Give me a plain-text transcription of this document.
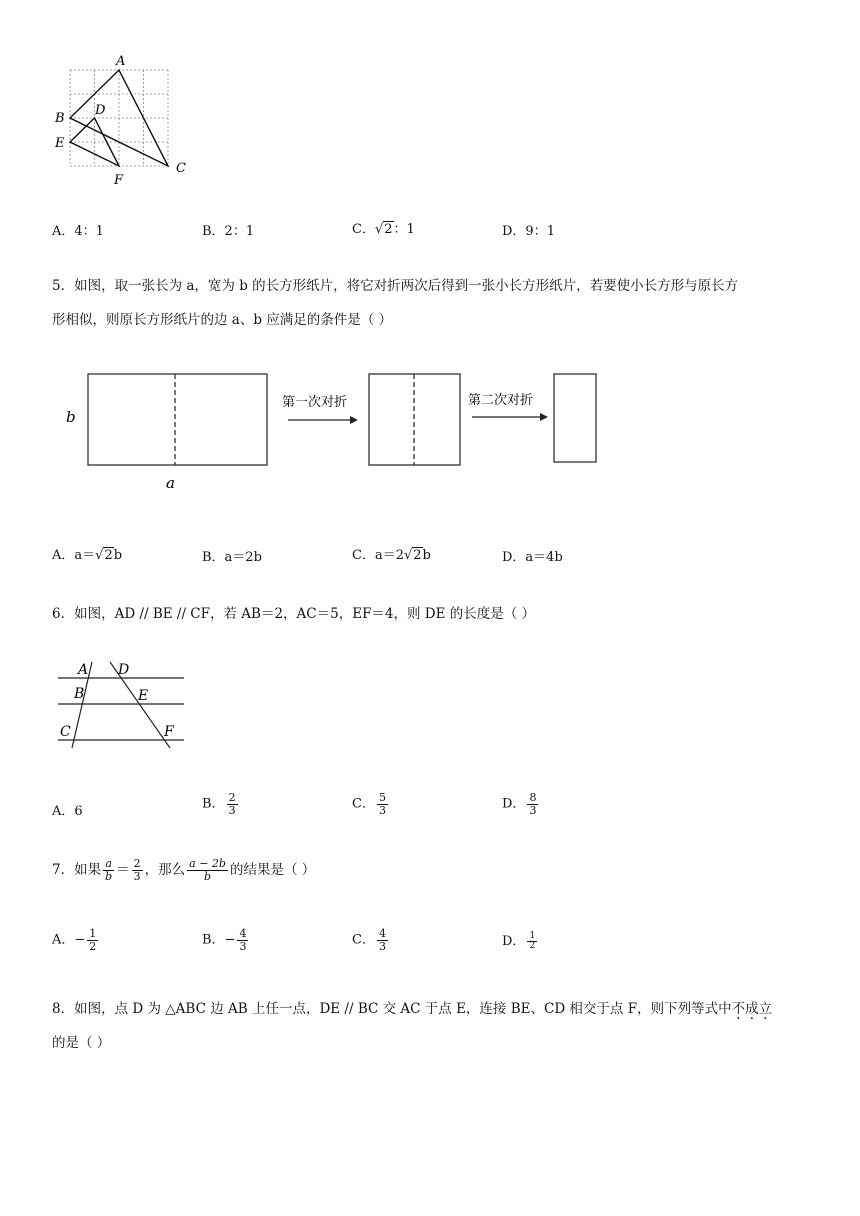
A
B
D
E
C
F
A．4：1	B．2：1	C．√2：1	D．9：1
5．如图，取一张长为 a，宽为 b 的长方形纸片，将它对折两次后得到一张小长方形纸片，若要使小长方形与原长方
形相似，则原长方形纸片的边 a、b 应满足的条件是（ ）
b
a
第一次对折	第二次对折
A．a＝√2b	B．a＝2b	C．a＝2√2b	D．a＝4b
6．如图，AD // BE // CF，若 AB＝2，AC＝5，EF＝4，则 DE 的长度是（ ）
A D
B	E
C	F
A．6	B． $\frac{2}{3}$	C． $\frac{5}{3}$	D． $\frac{8}{3}$
7．如果 $\frac{a}{b} = \frac{2}{3}$ ，那么 $\frac{a - 2b}{b}$ 的结果是（ ）
A．− $\frac{1}{2}$	B．− $\frac{4}{3}$	C． $\frac{4}{3}$	D． $\frac{1}{2}$
8．如图，点 D 为 △ABC 边 AB 上任一点，DE // BC 交 AC 于点 E，连接 BE、CD 相交于点 F，则下列等式中不成立
的是（ ）
